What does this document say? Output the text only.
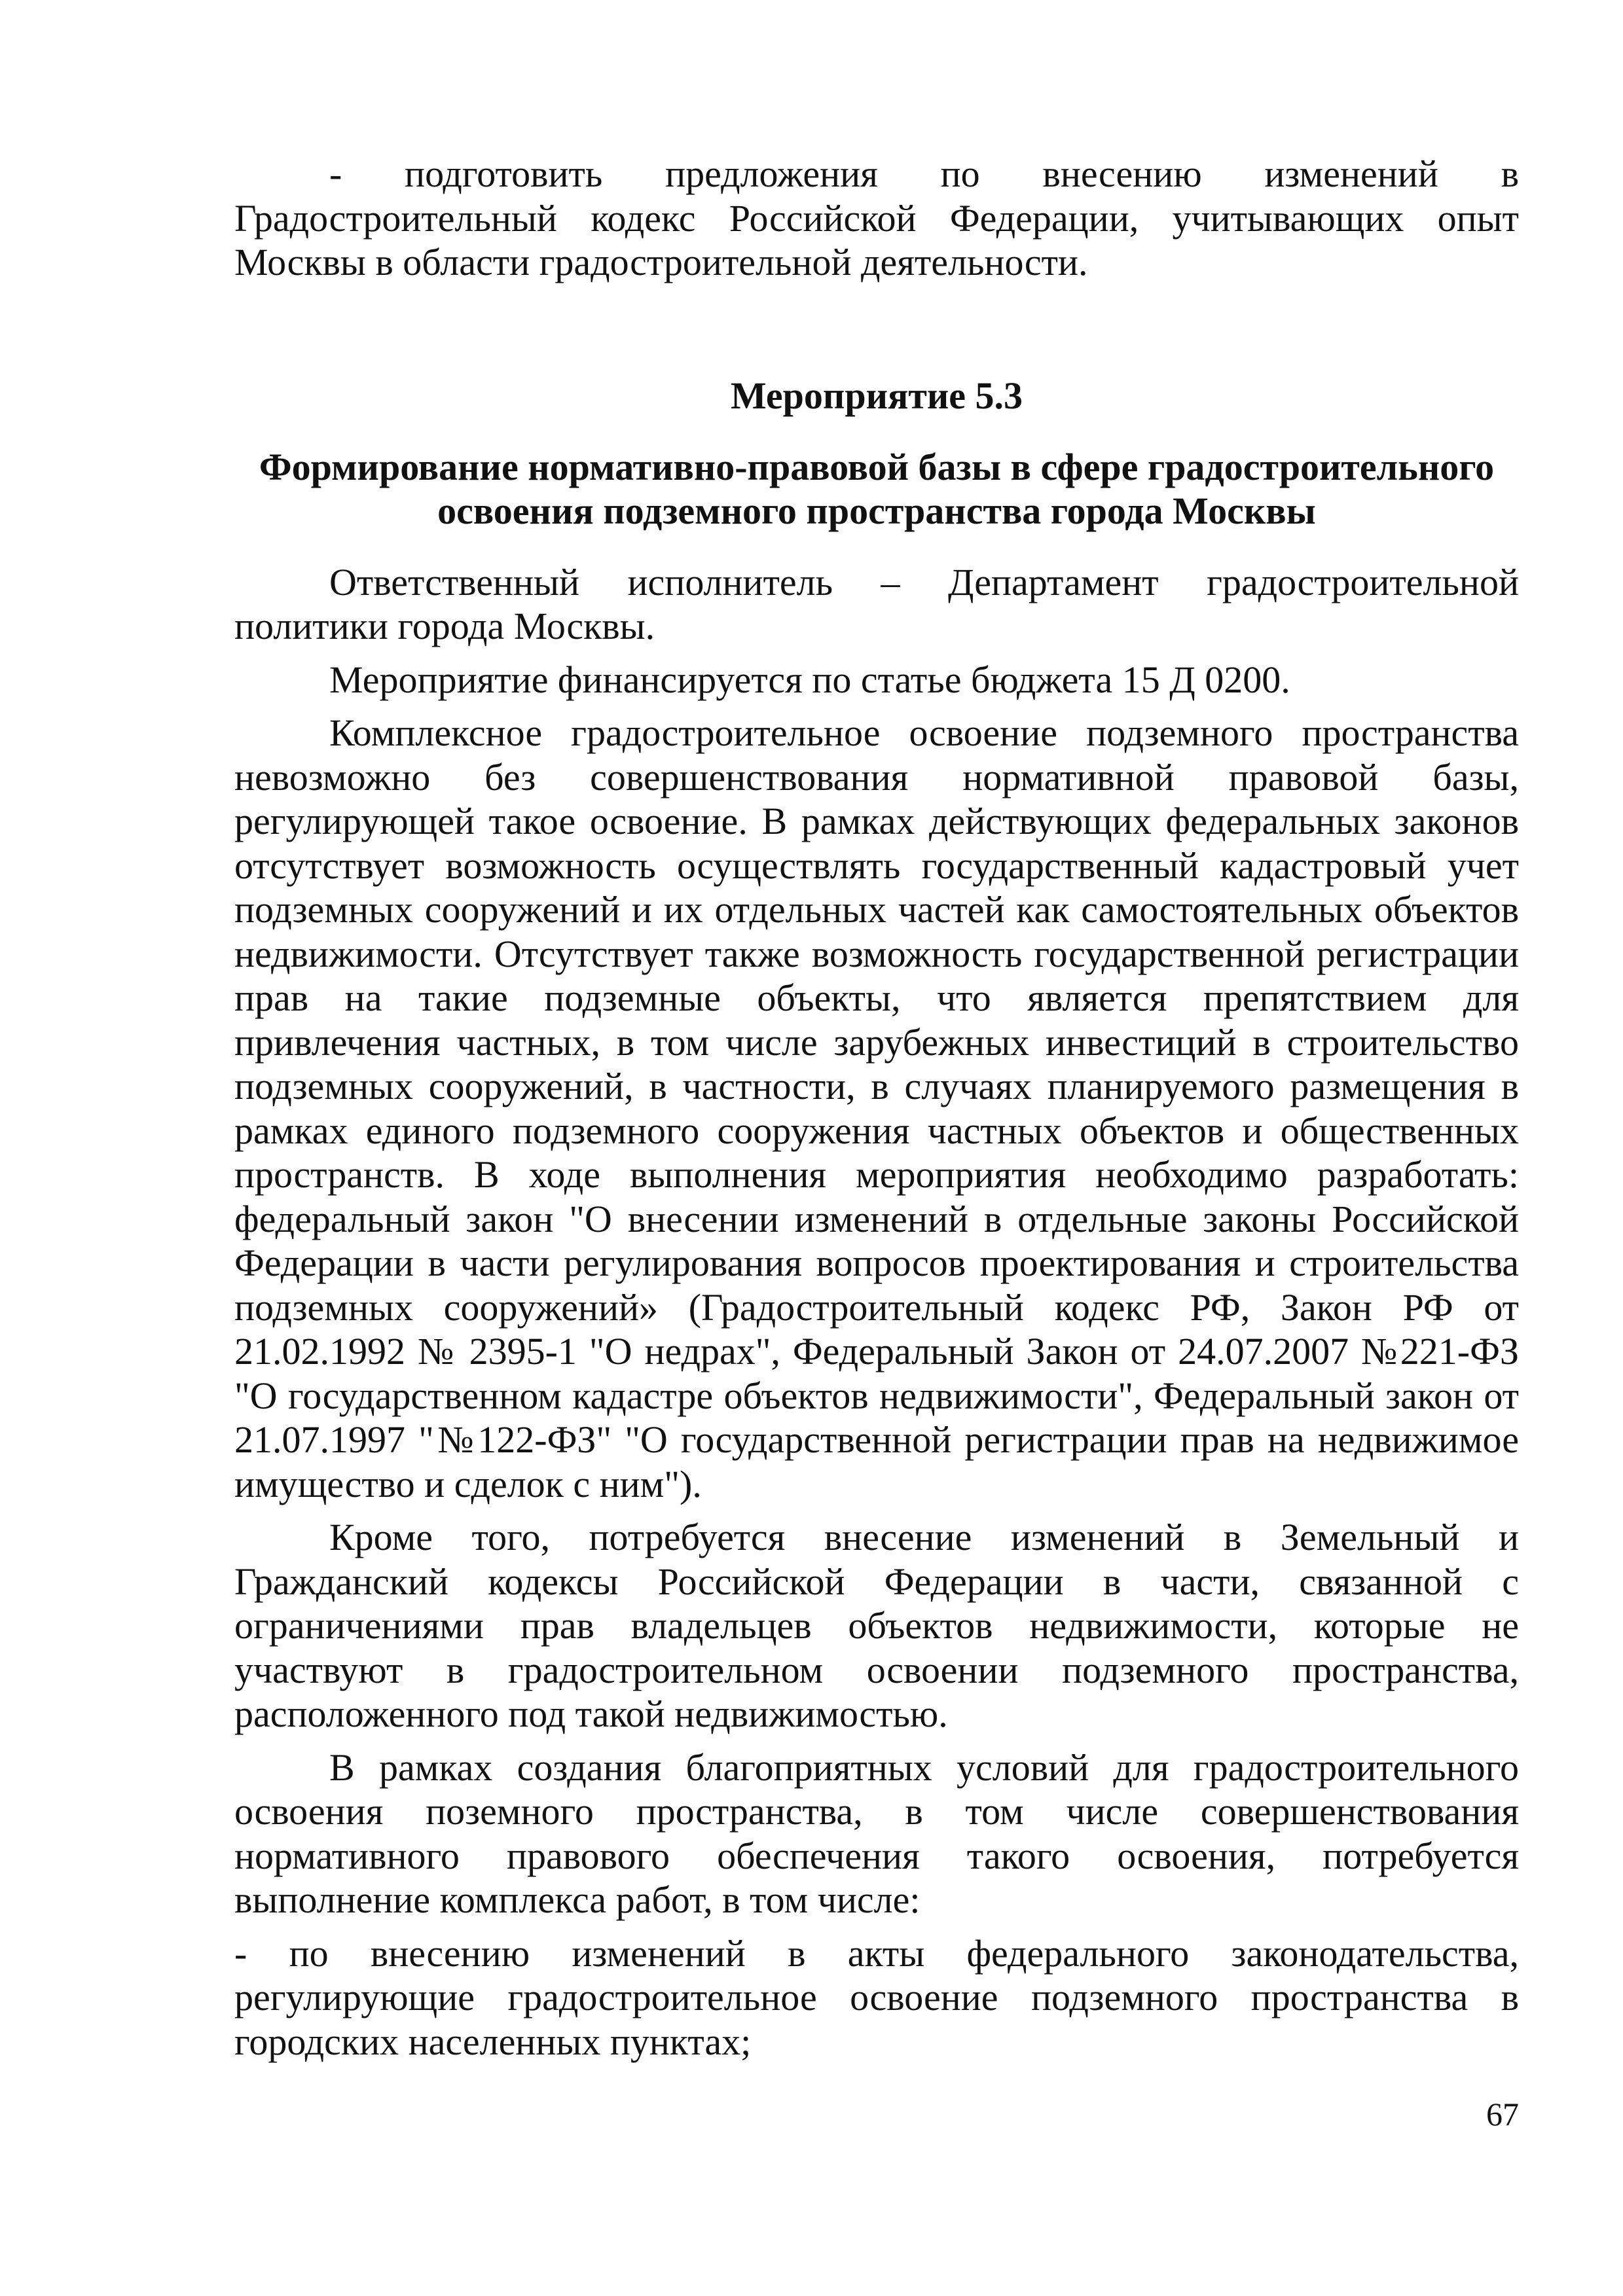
- подготовить предложения по внесению изменений в Градостроительный кодекс Российской Федерации, учитывающих опыт Москвы в области градостроительной деятельности.

Мероприятие 5.3
Формирование нормативно-правовой базы в сфере градостроительного освоения подземного пространства города Москвы

Ответственный исполнитель – Департамент градостроительной политики города Москвы.

Мероприятие финансируется по статье бюджета 15 Д 0200.

Комплексное градостроительное освоение подземного пространства невозможно без совершенствования нормативной правовой базы, регулирующей такое освоение. В рамках действующих федеральных законов отсутствует возможность осуществлять государственный кадастровый учет подземных сооружений и их отдельных частей как самостоятельных объектов недвижимости. Отсутствует также возможность государственной регистрации прав на такие подземные объекты, что является препятствием для привлечения частных, в том числе зарубежных инвестиций в строительство подземных сооружений, в частности, в случаях планируемого размещения в рамках единого подземного сооружения частных объектов и общественных пространств. В ходе выполнения мероприятия необходимо разработать: федеральный закон "О внесении изменений в отдельные законы Российской Федерации в части регулирования вопросов проектирования и строительства подземных сооружений» (Градостроительный кодекс РФ, Закон РФ от 21.02.1992 № 2395-1 "О недрах", Федеральный Закон от 24.07.2007 №221-ФЗ "О государственном кадастре объектов недвижимости", Федеральный закон от 21.07.1997 "№122-ФЗ" "О государственной регистрации прав на недвижимое имущество и сделок с ним").

Кроме того, потребуется внесение изменений в Земельный и Гражданский кодексы Российской Федерации в части, связанной с ограничениями прав владельцев объектов недвижимости, которые не участвуют в градостроительном освоении подземного пространства, расположенного под такой недвижимостью.

В рамках создания благоприятных условий для градостроительного освоения поземного пространства, в том числе совершенствования нормативного правового обеспечения такого освоения, потребуется выполнение комплекса работ, в том числе:

- по внесению изменений в акты федерального законодательства, регулирующие градостроительное освоение подземного пространства в городских населенных пунктах;

67
